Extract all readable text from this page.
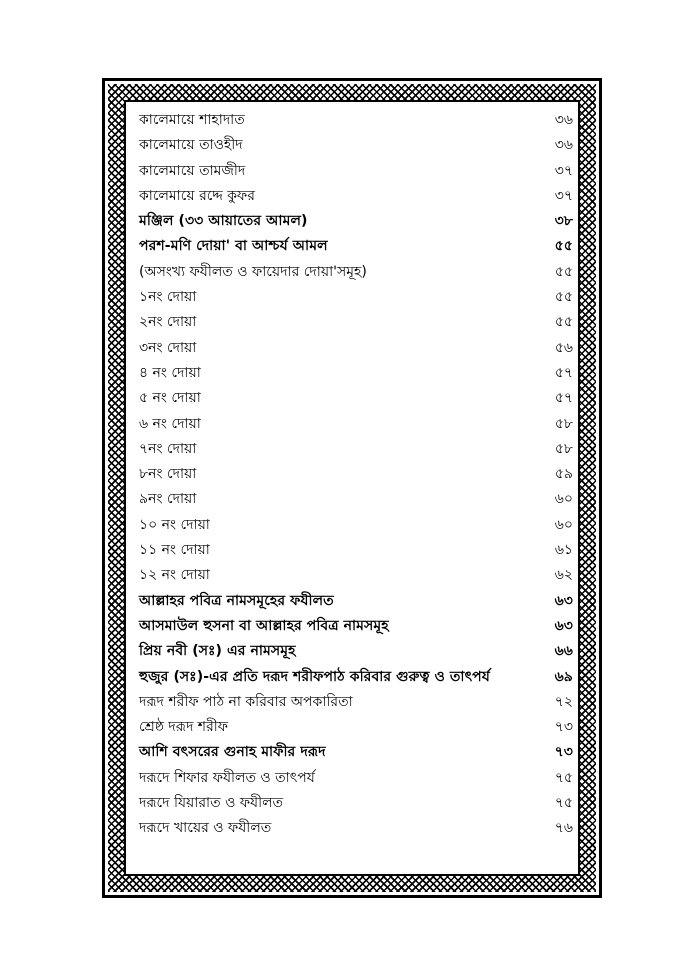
কালেমায়ে শাহাদাত	৩৬
কালেমায়ে তাওহীদ	৩৬
কালেমায়ে তামজীদ	৩৭
কালেমায়ে রদ্দে কুফর	৩৭
মঞ্জিল (৩৩ আয়াতের আমল)	৩৮
পরশ-মণি দোয়া' বা আশ্চর্য আমল	৫৫
(অসংখ্য ফযীলত ও ফায়েদার দোয়া'সমূহ)	৫৫
১নং দোয়া	৫৫
২নং দোয়া	৫৫
৩নং দোয়া	৫৬
৪ নং দোয়া	৫৭
৫ নং দোয়া	৫৭
৬ নং দোয়া	৫৮
৭নং দোয়া	৫৮
৮নং দোয়া	৫৯
৯নং দোয়া	৬০
১০ নং দোয়া	৬০
১১ নং দোয়া	৬১
১২ নং দোয়া	৬২
আল্লাহর পবিত্র নামসমূহের ফযীলত	৬৩
আসমাউল হুসনা বা আল্লাহর পবিত্র নামসমূহ	৬৩
প্রিয় নবী (সঃ) এর নামসমূহ	৬৬
হুজুর (সঃ)-এর প্রতি দরূদ শরীফপাঠ করিবার গুরুত্ব ও তাৎপর্য	৬৯
দরূদ শরীফ পাঠ না করিবার অপকারিতা	৭২
শ্রেষ্ঠ দরূদ শরীফ	৭৩
আশি বৎসরের গুনাহ মাফীর দরূদ	৭৩
দরূদে শিফার ফযীলত ও তাৎপর্য	৭৫
দরূদে যিয়ারাত ও ফযীলত	৭৫
দরূদে খায়ের ও ফযীলত	৭৬
